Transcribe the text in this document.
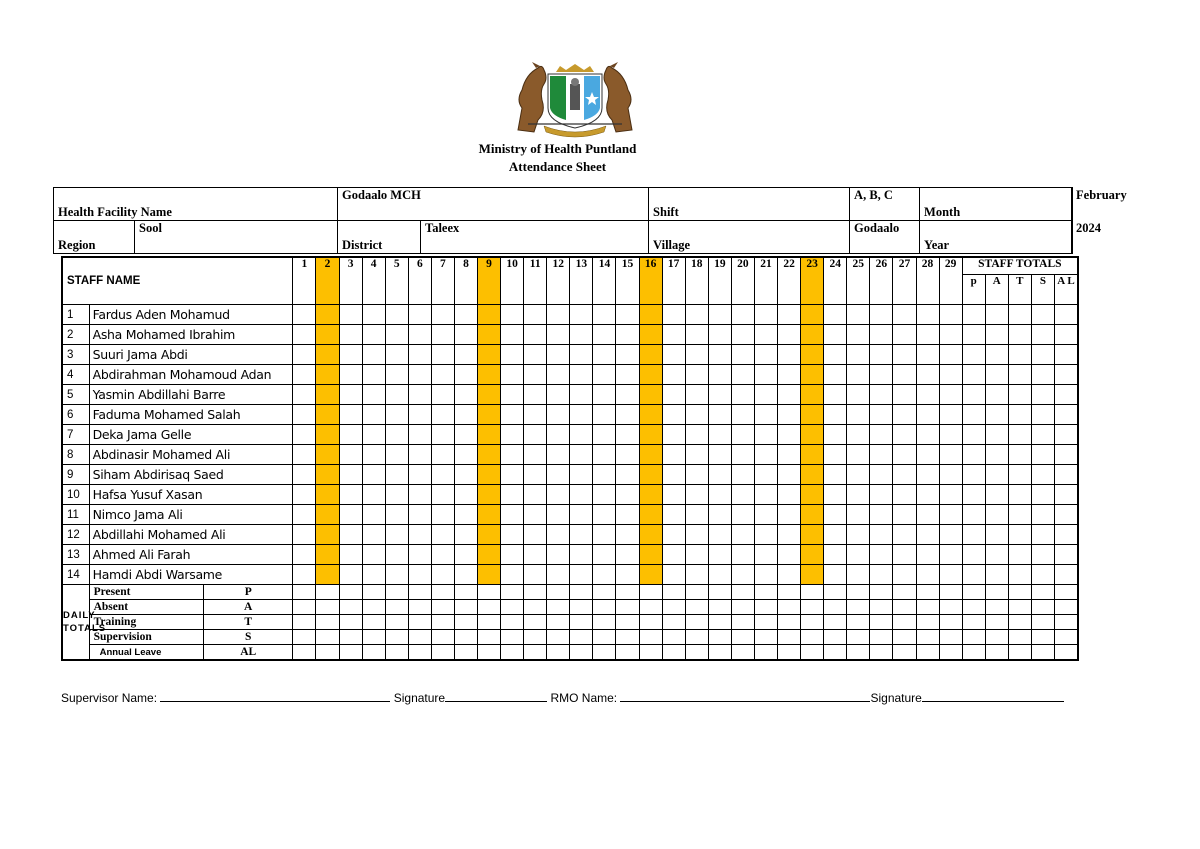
Ministry of Health Puntland
Attendance Sheet
Health Facility Name		Godaalo MCH		Shift	A, B, C	Month	February
Region	Sool	District	Taleex	Village	Godaalo	Year	2024
STAFF NAME			1	2	3	4	5	6	7	8	9	10	11	12	13	14	15	16	17	18	19	20	21	22	23	24	25	26	27	28	29	STAFF TOTALS				
																																p	A	T	S	A L
1	Fardus Aden Mohamud																																			
2	Asha Mohamed Ibrahim																																			
3	Suuri Jama Abdi																																			
4	Abdirahman Mohamoud Adan																																			
5	Yasmin Abdillahi Barre																																			
6	Faduma Mohamed Salah																																			
7	Deka Jama Gelle																																			
8	Abdinasir Mohamed Ali																																			
9	Siham Abdirisaq Saed																																			
10	Hafsa Yusuf Xasan																																			
11	Nimco Jama Ali																																			
12	Abdillahi Mohamed Ali																																			
13	Ahmed Ali Farah																																			
14	Hamdi Abdi Warsame																																			
DAILY TOTALS	Present	P																																		
	Absent	A																																		
	Training	T																																		
	Supervision	S																																		
	Annual Leave	AL																																		
Supervisor Name:	Signature	RMO Name:	Signature
